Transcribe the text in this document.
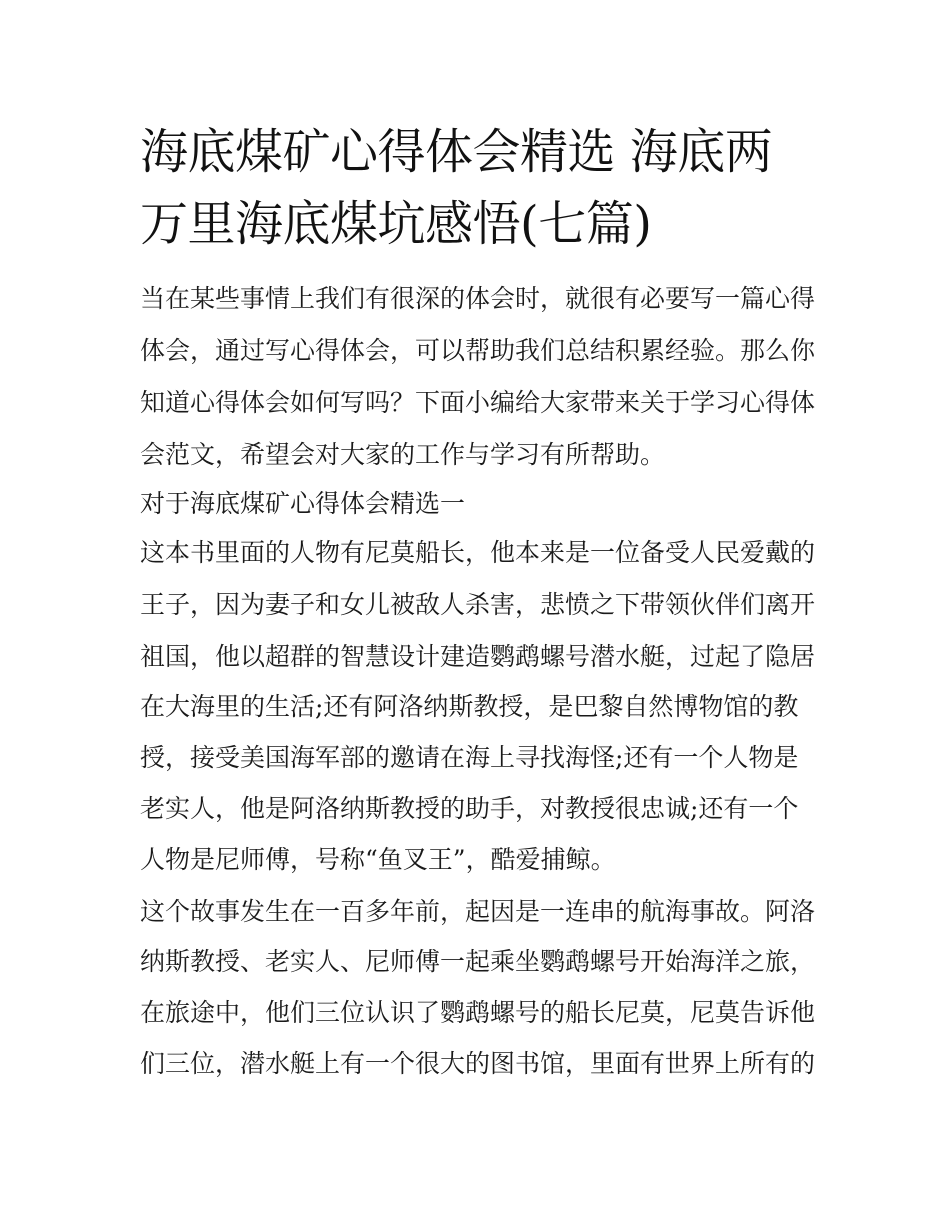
海底煤矿心得体会精选 海底两
万里海底煤坑感悟(七篇)

当在某些事情上我们有很深的体会时，就很有必要写一篇心得

体会，通过写心得体会，可以帮助我们总结积累经验。那么你

知道心得体会如何写吗？下面小编给大家带来关于学习心得体

会范文，希望会对大家的工作与学习有所帮助。

对于海底煤矿心得体会精选一

这本书里面的人物有尼莫船长，他本来是一位备受人民爱戴的

王子，因为妻子和女儿被敌人杀害，悲愤之下带领伙伴们离开

祖国，他以超群的智慧设计建造鹦鹉螺号潜水艇，过起了隐居

在大海里的生活;还有阿洛纳斯教授，是巴黎自然博物馆的教

授，接受美国海军部的邀请在海上寻找海怪;还有一个人物是

老实人，他是阿洛纳斯教授的助手，对教授很忠诚;还有一个

人物是尼师傅，号称“鱼叉王”，酷爱捕鲸。

这个故事发生在一百多年前，起因是一连串的航海事故。阿洛

纳斯教授、老实人、尼师傅一起乘坐鹦鹉螺号开始海洋之旅，

在旅途中，他们三位认识了鹦鹉螺号的船长尼莫，尼莫告诉他

们三位，潜水艇上有一个很大的图书馆，里面有世界上所有的
